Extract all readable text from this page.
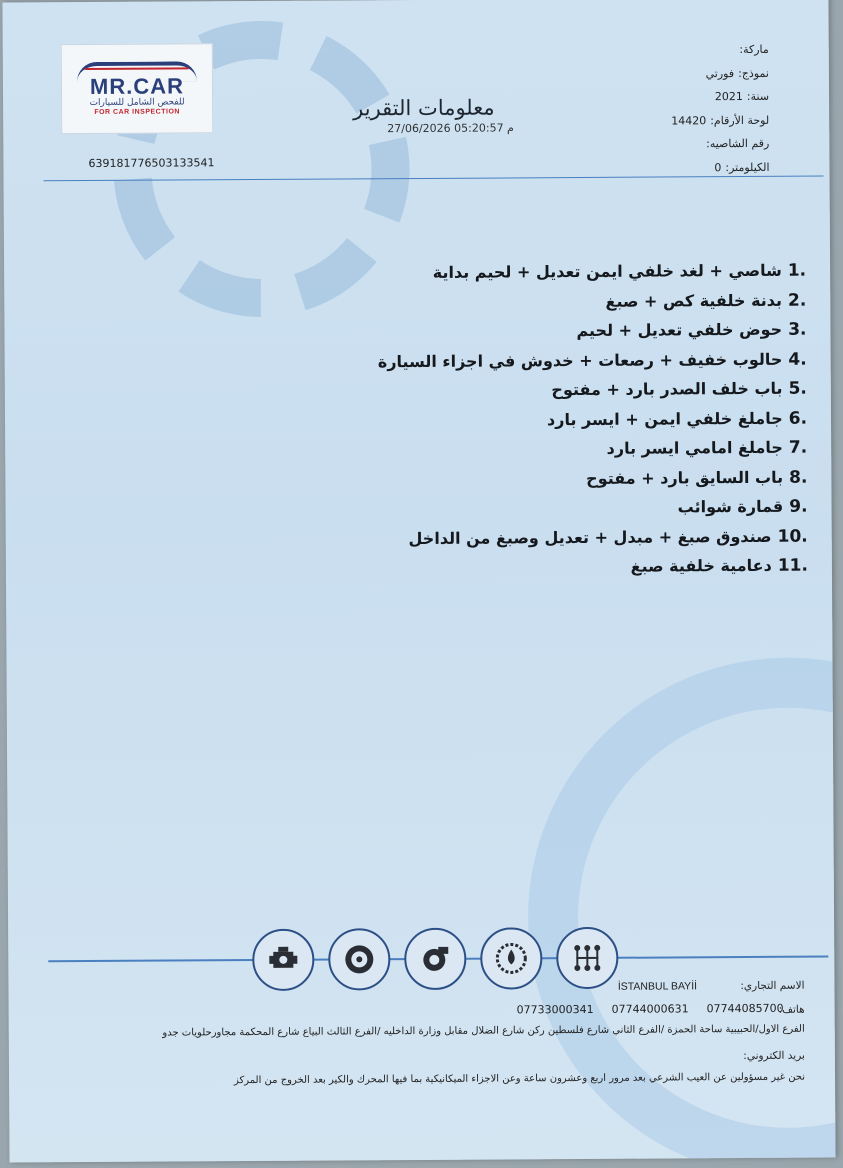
MR.CAR
للفحص الشامل للسيارات
FOR CAR INSPECTION	معلومات التقرير
27/06/2026 05:20:57 م
639181776503133541
ماركة:
نموذج:فورتي
سنة:2021
لوحة الأرقام:14420
رقم الشاصيه:
الكيلومتر:0
1.شاصي + لغد خلفي ايمن تعديل + لحيم بداية
2.بدنة خلفية كص + صبغ
3.حوض خلفي تعديل + لحيم
4.حالوب خفيف + رصعات + خدوش في اجزاء السيارة
5.باب خلف الصدر بارد + مفتوح
6.جاملغ خلفي ايمن + ايسر بارد
7.جاملغ امامي ايسر بارد
8.باب السايق بارد + مفتوح
9.قمارة شوائب
10.صندوق صبغ + مبدل + تعديل وصبغ من الداخل
11.دعامية خلفية صبغ
الاسم التجاري: İSTANBUL BAYİİ
هاتف:
07744085700
07733000341 07744000631
الفرع الاول/الحبيبية ساحة الحمزة /الفرع الثاني شارع فلسطين ركن شارع الضلال مقابل وزارة الداخليه /الفرع الثالث البياع شارع المحكمة مجاورحلويات جدو
بريد الكتروني:
نحن غير مسؤولين عن العيب الشرعي بعد مرور اربع وعشرون ساعة وعن الاجزاء الميكانيكية بما فيها المحرك والكير بعد الخروج من المركز
